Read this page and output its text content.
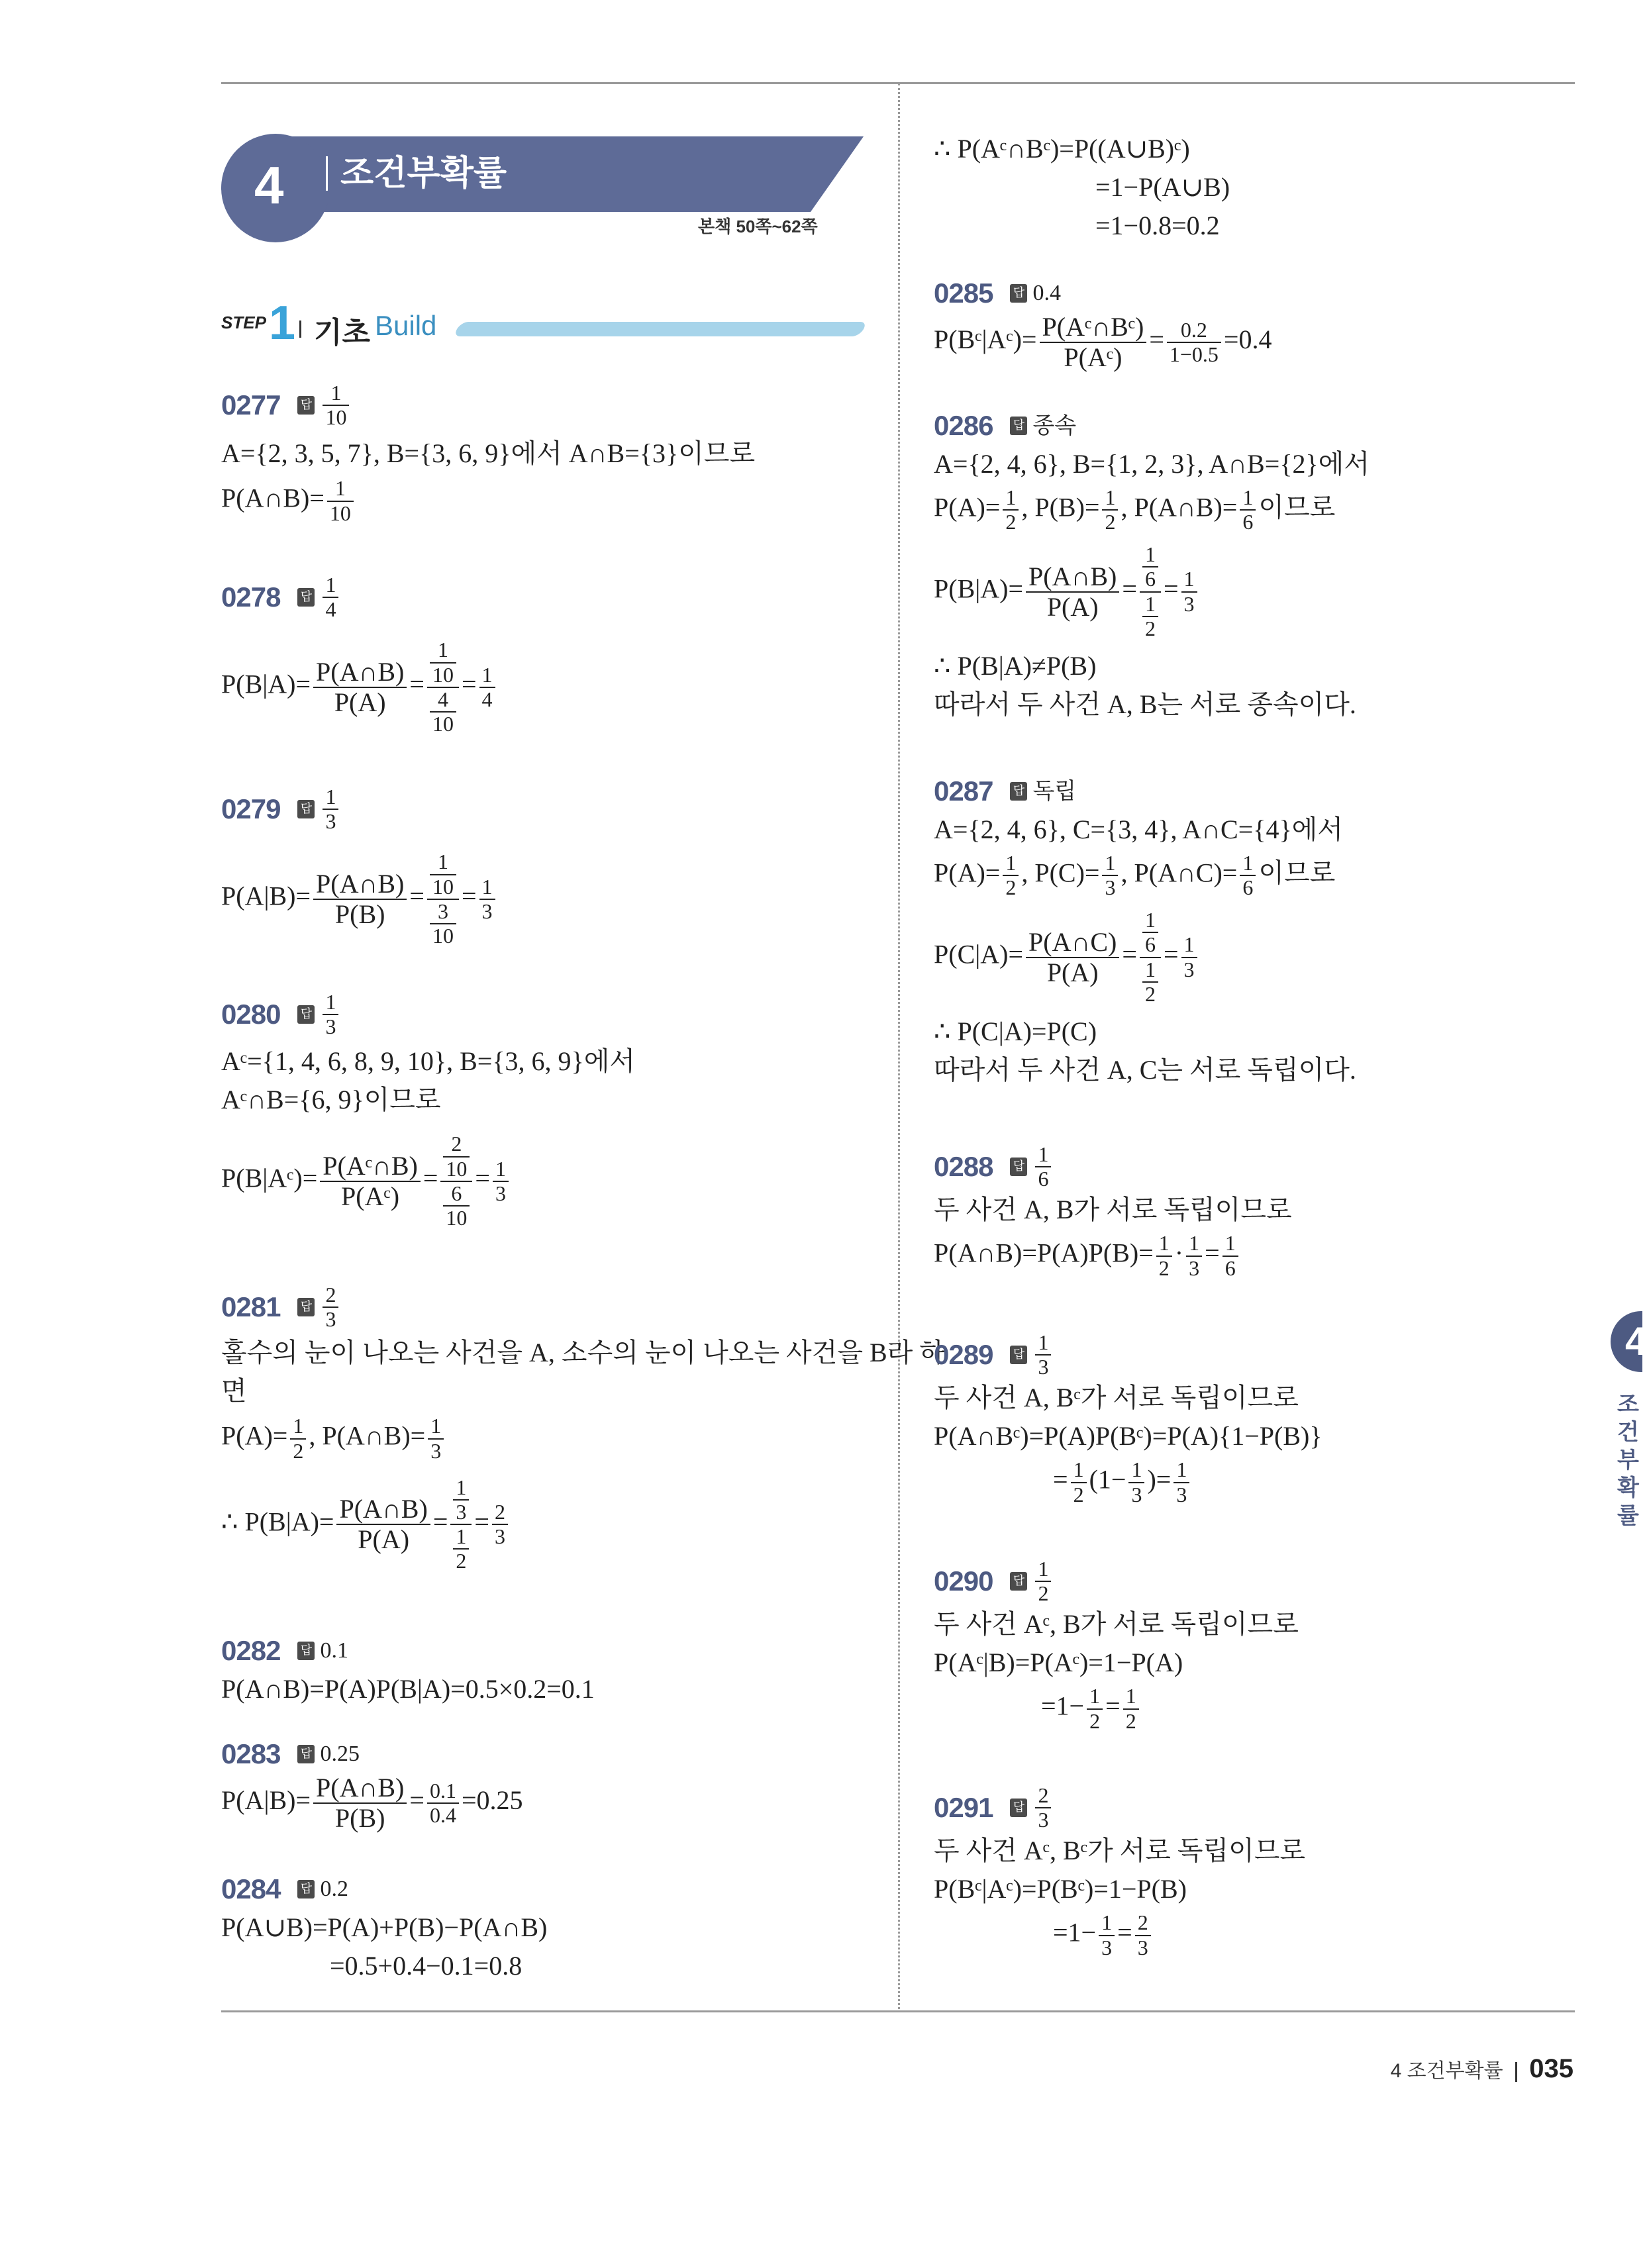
4	조건부확률
본책 50쪽~62쪽
STEP 1 기초 Build
0277 답 $\frac{1}{10}$
A={2, 3, 5, 7}, B={3, 6, 9}에서 A∩B={3}이므로
P(A∩B)= $\frac{1}{10}$
0278 답 $\frac{1}{4}$
$P(B|A)= \frac{P(A\cap B)}{P(A)} = \frac{\frac{1}{10}}{\frac{4}{10}} = \frac{1}{4}$
0279 답 $\frac{1}{3}$
$P(A|B)= \frac{P(A\cap B)}{P(B)} = \frac{\frac{1}{10}}{\frac{3}{10}} = \frac{1}{3}$
0280 답 $\frac{1}{3}$
Aᶜ={1, 4, 6, 8, 9, 10}, B={3, 6, 9}에서
Aᶜ∩B={6, 9}이므로
P(B|Aᶜ)= $\frac{\text{P(Aᶜ∩B)}}{\text{P(Aᶜ)}} = \frac{\frac{2}{10}}{\frac{6}{10}} = \frac{1}{3}$
0281 답 $\frac{2}{3}$
홀수의 눈이 나오는 사건을 A, 소수의 눈이 나오는 사건을 B라 하
면
$P(A)= \frac{1}{2}$ , P(A∩B)= $\frac{1}{3}$
∴ $P(B|A)= \frac{P(A\cap B)}{P(A)} = \frac{\frac{1}{3}}{\frac{1}{2}} = \frac{2}{3}$
0282 답 0.1
P(A∩B)=P(A)P(B|A)=0.5×0.2=0.1
0283 답 0.25
$P(A|B)= \frac{P(A\cap B)}{P(B)} = \frac{0.1}{0.4} =0.25$
0284 답 0.2
P(A∪B)=P(A)+P(B)−P(A∩B)
=0.5+0.4−0.1=0.8
∴ P(Aᶜ∩Bᶜ)=P((A∪B)ᶜ)
=1−P(A∪B)
=1−0.8=0.2
0285 답 0.4
P(Bᶜ|Aᶜ)= $\frac{\text{P(Aᶜ∩Bᶜ)}}{\text{P(Aᶜ)}} = \frac{0.2}{1-0.5} =0.4$
0286 답 종속
A={2, 4, 6}, B={1, 2, 3}, A∩B={2}에서
$P(A)= \frac{1}{2}$ , $P(B)= \frac{1}{2}$ , P(A∩B)= $\frac{1}{6}$ 이므로
$P(B|A)= \frac{P(A\cap B)}{P(A)} = \frac{\frac{1}{6}}{\frac{1}{2}} = \frac{1}{3}$
∴ P(B|A)≠P(B)
따라서 두 사건 A, B는 서로 종속이다.
0287 답 독립
A={2, 4, 6}, C={3, 4}, A∩C={4}에서
$P(A)= \frac{1}{2}$ , $P(C)= \frac{1}{3}$ , P(A∩C)= $\frac{1}{6}$ 이므로
$P(C|A)= \frac{P(A\cap C)}{P(A)} = \frac{\frac{1}{6}}{\frac{1}{2}} = \frac{1}{3}$
∴ P(C|A)=P(C)
따라서 두 사건 A, C는 서로 독립이다.
0288 답 $\frac{1}{6}$
두 사건 A, B가 서로 독립이므로
P(A∩B)=P(A)P(B)= $\frac{1}{2} \cdot \frac{1}{3} = \frac{1}{6}$
0289 답 $\frac{1}{3}$
두 사건 A, Bᶜ가 서로 독립이므로
P(A∩Bᶜ)=P(A)P(Bᶜ)=P(A){1−P(B)}
= $\frac{1}{2} (1- \frac{1}{3}$ )= $\frac{1}{3}$
0290 답 $\frac{1}{2}$
두 사건 Aᶜ, B가 서로 독립이므로
P(Aᶜ|B)=P(Aᶜ)=1−P(A)
$=1- \frac{1}{2} = \frac{1}{2}$
0291 답 $\frac{2}{3}$
두 사건 Aᶜ, Bᶜ가 서로 독립이므로
P(Bᶜ|Aᶜ)=P(Bᶜ)=1−P(B)
$=1- \frac{1}{3} = \frac{2}{3}$
4
조건부확률
4 조건부확률 035
